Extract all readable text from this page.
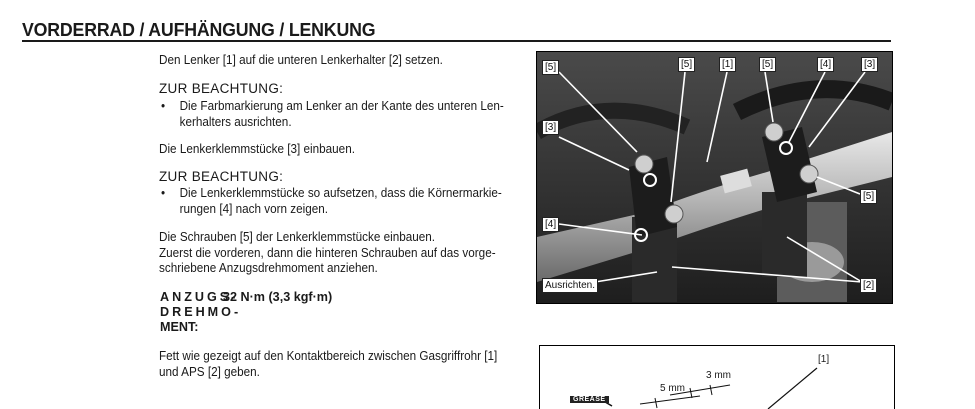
VORDERRAD / AUFHÄNGUNG / LENKUNG
Den Lenker [1] auf die unteren Lenkerhalter [2] setzen.
ZUR BEACHTUNG:
• Die Farbmarkierung am Lenker an der Kante des unteren Len-
kerhalters ausrichten.
Die Lenkerklemmstücke [3] einbauen.
ZUR BEACHTUNG:
• Die Lenkerklemmstücke so aufsetzen, dass die Körnermarkie-
rungen [4] nach vorn zeigen.
Die Schrauben [5] der Lenkerklemmstücke einbauen.
Zuerst die vorderen, dann die hinteren Schrauben auf das vorge-
schriebene Anzugsdrehmoment anziehen.
ANZUGS-
DREHMO-
MENT:
32 N·m (3,3 kgf·m)
Fett wie gezeigt auf den Kontaktbereich zwischen Gasgriffrohr [1]
und APS [2] geben.
[5]	[5]	[1]	[5]	[4]	[3]
[3]
[5]
[4]
Ausrichten.	[2]
[1]
3 mm
5 mm
GREASE
